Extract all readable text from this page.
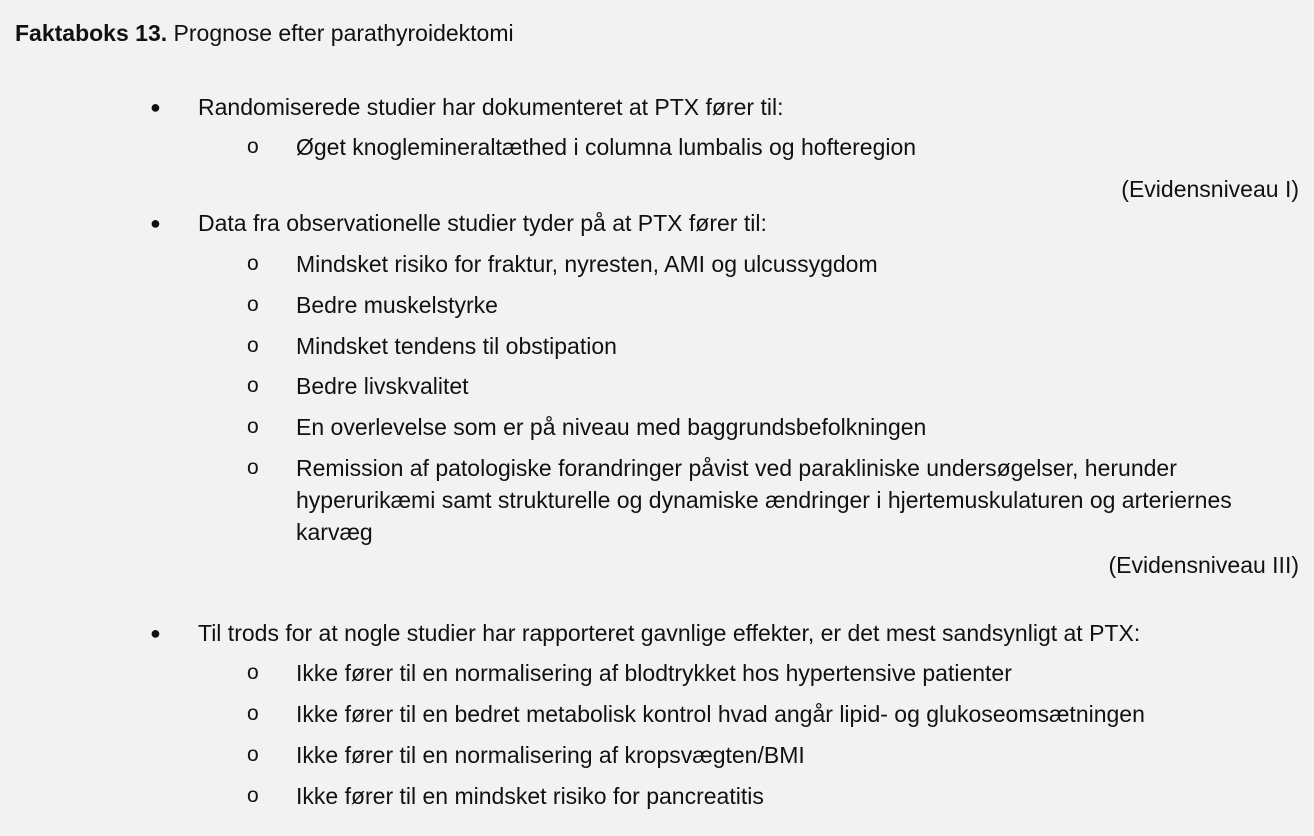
Faktaboks 13. Prognose efter parathyroidektomi
● Randomiserede studier har dokumenteret at PTX fører til:
o Øget knoglemineraltæthed i columna lumbalis og hofteregion
(Evidensniveau I)
● Data fra observationelle studier tyder på at PTX fører til:
o Mindsket risiko for fraktur, nyresten, AMI og ulcussygdom
o Bedre muskelstyrke
o Mindsket tendens til obstipation
o Bedre livskvalitet
o En overlevelse som er på niveau med baggrundsbefolkningen
o Remission af patologiske forandringer påvist ved parakliniske undersøgelser, herunder hyperurikæmi samt strukturelle og dynamiske ændringer i hjertemuskulaturen og arteriernes karvæg
(Evidensniveau III)
● Til trods for at nogle studier har rapporteret gavnlige effekter, er det mest sandsynligt at PTX:
o Ikke fører til en normalisering af blodtrykket hos hypertensive patienter
o Ikke fører til en bedret metabolisk kontrol hvad angår lipid- og glukoseomsætningen
o Ikke fører til en normalisering af kropsvægten/BMI
o Ikke fører til en mindsket risiko for pancreatitis
